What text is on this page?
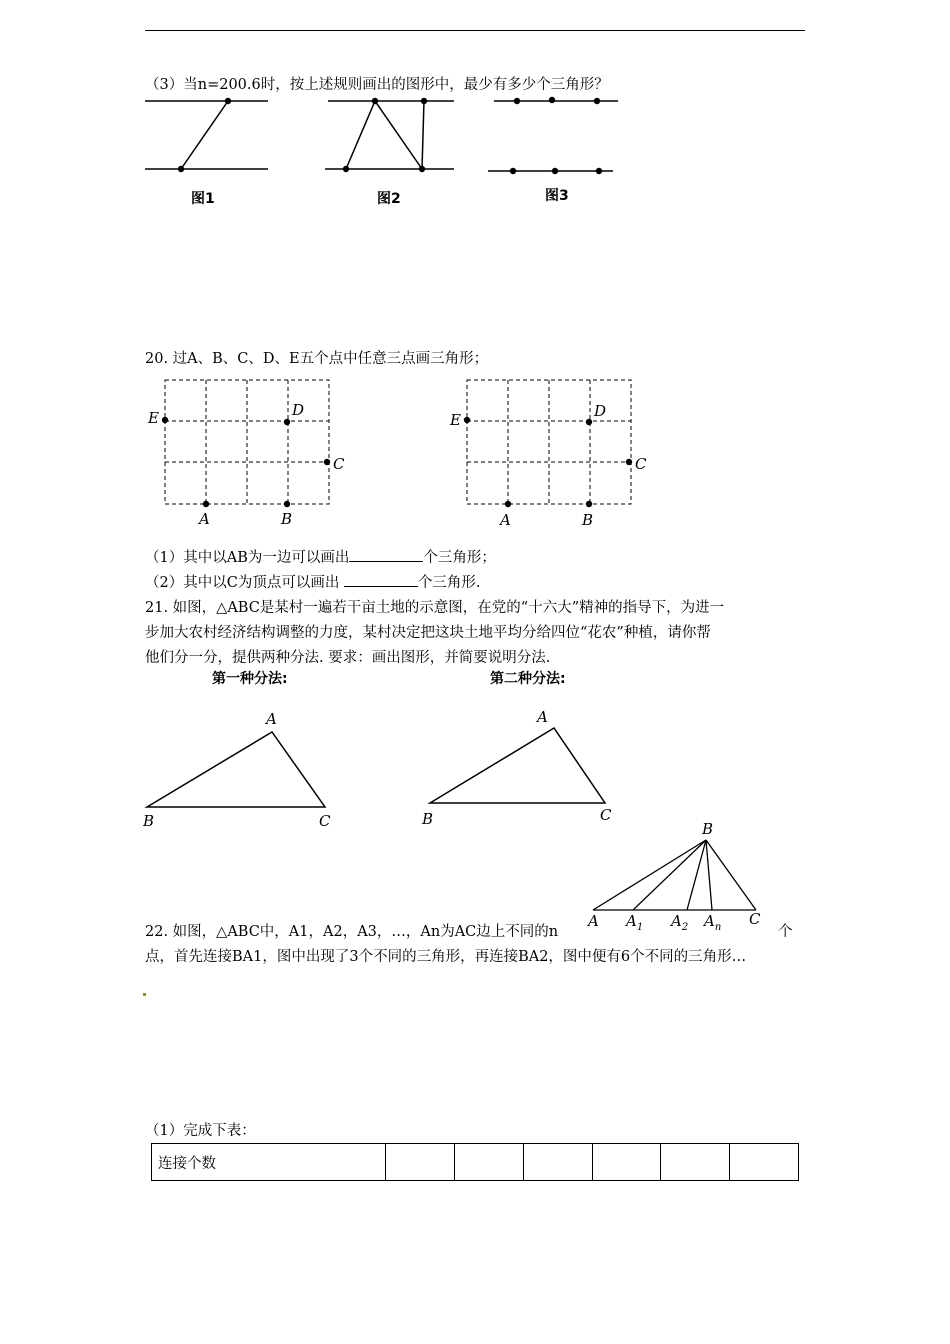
（3）当n=200.6时，按上述规则画出的图形中，最少有多少个三角形？
图1	图2	图3
20. 过A、B、C、D、E五个点中任意三点画三角形；
E	D
C
A	B
E	D
C
A	B
（1）其中以AB为一边可以画出	个三角形；
（2）其中以C为顶点可以画出	个三角形.
21. 如图，△ABC是某村一遍若干亩土地的示意图，在党的“十六大”精神的指导下，为进一
步加大农村经济结构调整的力度，某村决定把这块土地平均分给四位“花农”种植，请你帮
他们分一分，提供两种分法. 要求：画出图形，并简要说明分法.
第一种分法:	第二种分法:
A
B	C
A
B	C
B
A $A_1$ $A_2$ $A_n$ C
22. 如图，△ABC中，A1，A2，A3，…，An为AC边上不同的n	个
点，首先连接BA1，图中出现了3个不同的三角形，再连接BA2，图中便有6个不同的三角形…
（1）完成下表：
连接个数						
